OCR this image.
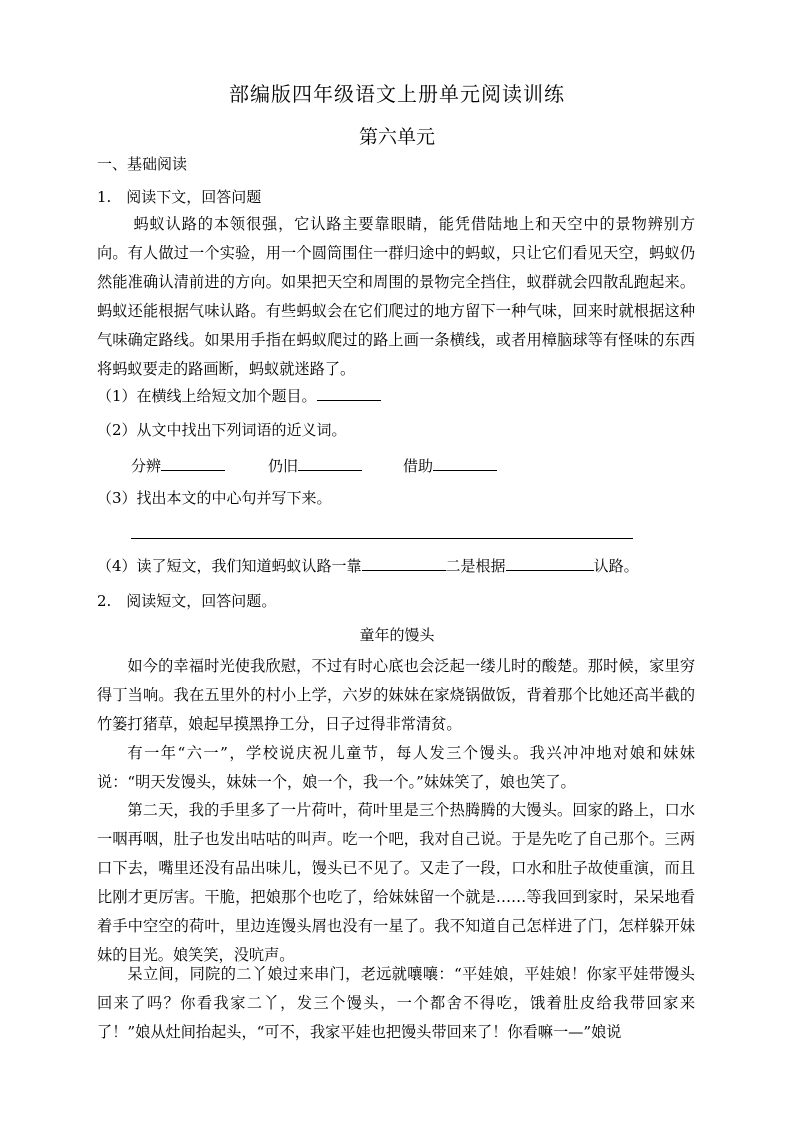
部编版四年级语文上册单元阅读训练
第六单元
一、基础阅读
1.　阅读下文，回答问题
蚂蚁认路的本领很强，它认路主要靠眼睛，能凭借陆地上和天空中的景物辨别方向。有人做过一个实验，用一个圆筒围住一群归途中的蚂蚁，只让它们看见天空，蚂蚁仍然能准确认清前进的方向。如果把天空和周围的景物完全挡住，蚁群就会四散乱跑起来。蚂蚁还能根据气味认路。有些蚂蚁会在它们爬过的地方留下一种气味，回来时就根据这种气味确定路线。如果用手指在蚂蚁爬过的路上画一条横线，或者用樟脑球等有怪味的东西将蚂蚁要走的路画断，蚂蚁就迷路了。
（1）在横线上给短文加个题目。
（2）从文中找出下列词语的近义词。
分辨	仍旧	借助
（3）找出本文的中心句并写下来。
（4）读了短文，我们知道蚂蚁认路一靠	二是根据	认路。
2.　阅读短文，回答问题。
童年的馒头
如今的幸福时光使我欣慰，不过有时心底也会泛起一缕儿时的酸楚。那时候，家里穷得丁当响。我在五里外的村小上学，六岁的妹妹在家烧锅做饭，背着那个比她还高半截的竹篓打猪草，娘起早摸黑挣工分，日子过得非常清贫。
有一年“六一”，学校说庆祝儿童节，每人发三个馒头。我兴冲冲地对娘和妹妹说：“明天发馒头，妹妹一个，娘一个，我一个。”妹妹笑了，娘也笑了。
第二天，我的手里多了一片荷叶，荷叶里是三个热腾腾的大馒头。回家的路上，口水一咽再咽，肚子也发出咕咕的叫声。吃一个吧，我对自己说。于是先吃了自己那个。三两口下去，嘴里还没有品出味儿，馒头已不见了。又走了一段，口水和肚子故使重演，而且比刚才更厉害。干脆，把娘那个也吃了，给妹妹留一个就是……等我回到家时，呆呆地看着手中空空的荷叶，里边连馒头屑也没有一星了。我不知道自己怎样进了门，怎样躲开妹妹的目光。娘笑笑，没吭声。
呆立间，同院的二丫娘过来串门，老远就嚷嚷：“平娃娘，平娃娘！你家平娃带馒头回来了吗？你看我家二丫，发三个馒头，一个都舍不得吃，饿着肚皮给我带回家来了！”娘从灶间抬起头，“可不，我家平娃也把馒头带回来了！你看嘛一—”娘说
